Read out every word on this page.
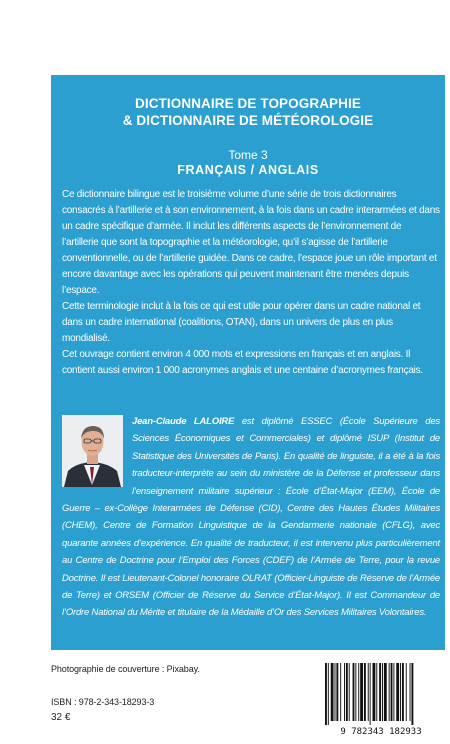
DICTIONNAIRE DE TOPOGRAPHIE
& DICTIONNAIRE DE MÉTÉOROLOGIE
Tome 3
FRANÇAIS / ANGLAIS

Ce dictionnaire bilingue est le troisième volume d’une série de trois dictionnaires consacrés à l’artillerie et à son environnement, à la fois dans un cadre interarmées et dans un cadre spécifique d’armée. Il inclut les différents aspects de l’environnement de l’artillerie que sont la topographie et la météorologie, qu’il s’agisse de l’artillerie conventionnelle, ou de l’artillerie guidée. Dans ce cadre, l’espace joue un rôle important et encore davantage avec les opérations qui peuvent maintenant être menées depuis l’espace.

Cette terminologie inclut à la fois ce qui est utile pour opérer dans un cadre national et dans un cadre international (coalitions, OTAN), dans un univers de plus en plus mondialisé.

Cet ouvrage contient environ 4 000 mots et expressions en français et en anglais. Il contient aussi environ 1 000 acronymes anglais et une centaine d’acronymes français.

Jean-Claude LALOIRE est diplômé ESSEC (École Supérieure des Sciences Économiques et Commerciales) et diplômé ISUP (Institut de Statistique des Universités de Paris). En qualité de linguiste, il a été à la fois traducteur-interprète au sein du ministère de la Défense et professeur dans l’enseignement militaire supérieur : École d’État-Major (EEM), École de Guerre – ex-Collège Interarmées de Défense (CID), Centre des Hautes Études Militaires (CHEM), Centre de Formation Linguistique de la Gendarmerie nationale (CFLG), avec quarante années d’expérience. En qualité de traducteur, il est intervenu plus particulièrement au Centre de Doctrine pour l’Emploi des Forces (CDEF) de l’Armée de Terre, pour la revue Doctrine. Il est Lieutenant-Colonel honoraire OLRAT (Officier-Linguiste de Réserve de l’Armée de Terre) et ORSEM (Officier de Réserve du Service d’État-Major). Il est Commandeur de l’Ordre National du Mérite et titulaire de la Médaille d’Or des Services Militaires Volontaires.
Photographie de couverture : Pixabay.
ISBN : 978-2-343-18293-3
32 €
9 782343 182933
